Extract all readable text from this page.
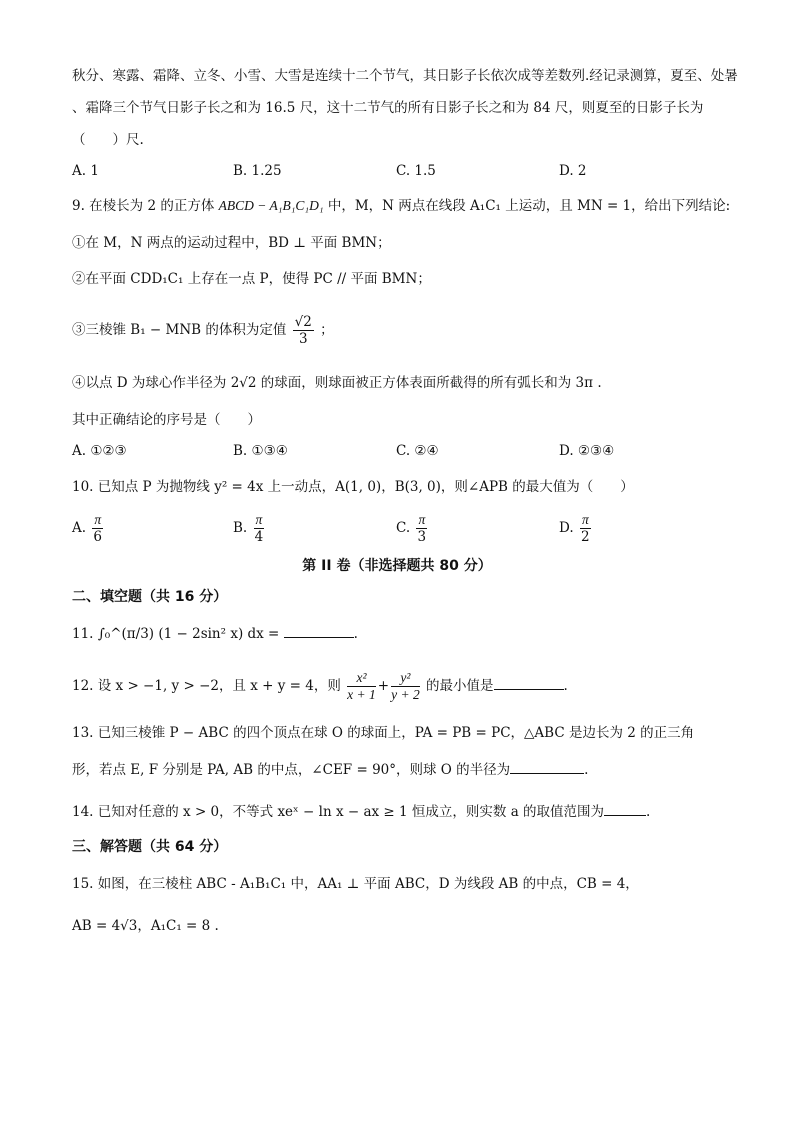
秋分、寒露、霜降、立冬、小雪、大雪是连续十二个节气，其日影子长依次成等差数列.经记录测算，夏至、处暑
、霜降三个节气日影子长之和为 16.5 尺，这十二节气的所有日影子长之和为 84 尺，则夏至的日影子长为
（　　）尺.
A. 1	B. 1.25	C. 1.5	D. 2
9. 在棱长为 2 的正方体 ABCD − A₁B₁C₁D₁ 中，M，N 两点在线段 A₁C₁ 上运动，且 MN = 1，给出下列结论:
①在 M，N 两点的运动过程中，BD ⊥ 平面 BMN；
②在平面 CDD₁C₁ 上存在一点 P，使得 PC // 平面 BMN；
③三棱锥 B₁ − MNB 的体积为定值 $\frac{√2}{3}$ ；
④以点 D 为球心作半径为 2√2 的球面，则球面被正方体表面所截得的所有弧长和为 3π .
其中正确结论的序号是（　　）
A. ①②③	B. ①③④	C. ②④	D. ②③④
10. 已知点 P 为抛物线 y² = 4x 上一动点，A(1, 0)，B(3, 0)，则∠APB 的最大值为（　　）
A. $\frac{\pi}{6}$	B. $\frac{\pi}{4}$	C. $\frac{\pi}{3}$	D. $\frac{\pi}{2}$
第 II 卷（非选择题共 80 分）
二、填空题（共 16 分）
11. ∫₀^(π/3) (1 − 2sin² x) dx =	.
12. 设 x > −1, y > −2，且 x + y = 4，则 $\frac{\text{x²}}{x + 1} + \frac{\text{y²}}{y + 2}$ 的最小值是	.
13. 已知三棱锥 P − ABC 的四个顶点在球 O 的球面上，PA = PB = PC，△ABC 是边长为 2 的正三角
形，若点 E, F 分别是 PA, AB 的中点，∠CEF = 90°，则球 O 的半径为	.
14. 已知对任意的 x > 0，不等式 xeˣ − ln x − ax ≥ 1 恒成立，则实数 a 的取值范围为	.
三、解答题（共 64 分）
15. 如图，在三棱柱 ABC - A₁B₁C₁ 中，AA₁ ⊥ 平面 ABC，D 为线段 AB 的中点，CB = 4，
AB = 4√3，A₁C₁ = 8 .
